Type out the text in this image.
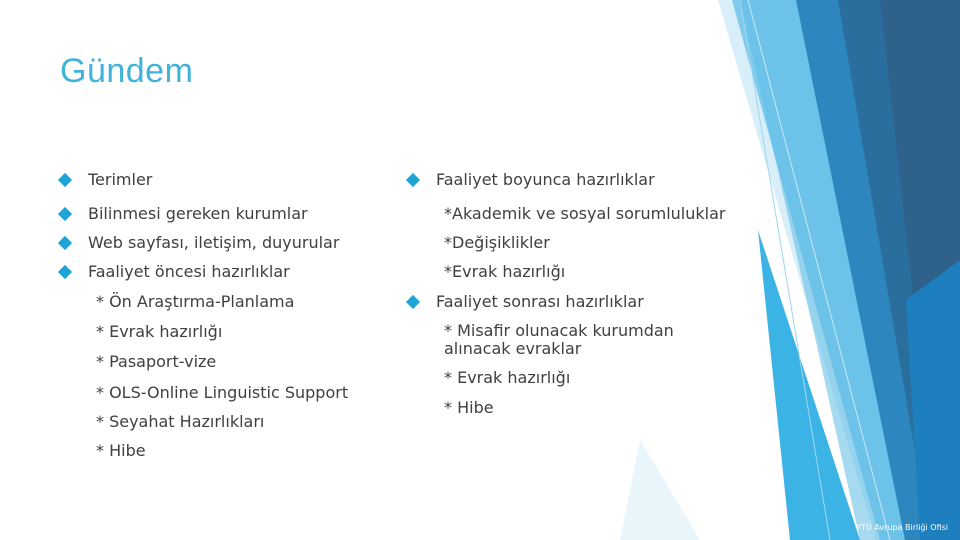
Gündem
Terimler
Bilinmesi gereken kurumlar
Web sayfası, iletişim, duyurular
Faaliyet öncesi hazırlıklar
* Ön Araştırma-Planlama
* Evrak hazırlığı
* Pasaport-vize
* OLS-Online Linguistic Support
* Seyahat Hazırlıkları
* Hibe
Faaliyet boyunca hazırlıklar
*Akademik ve sosyal sorumluluklar
*Değişiklikler
*Evrak hazırlığı
Faaliyet sonrası hazırlıklar
* Misafir olunacak kurumdan alınacak evraklar
* Evrak hazırlığı
* Hibe
YTÜ Avrupa Birliği Ofisi
